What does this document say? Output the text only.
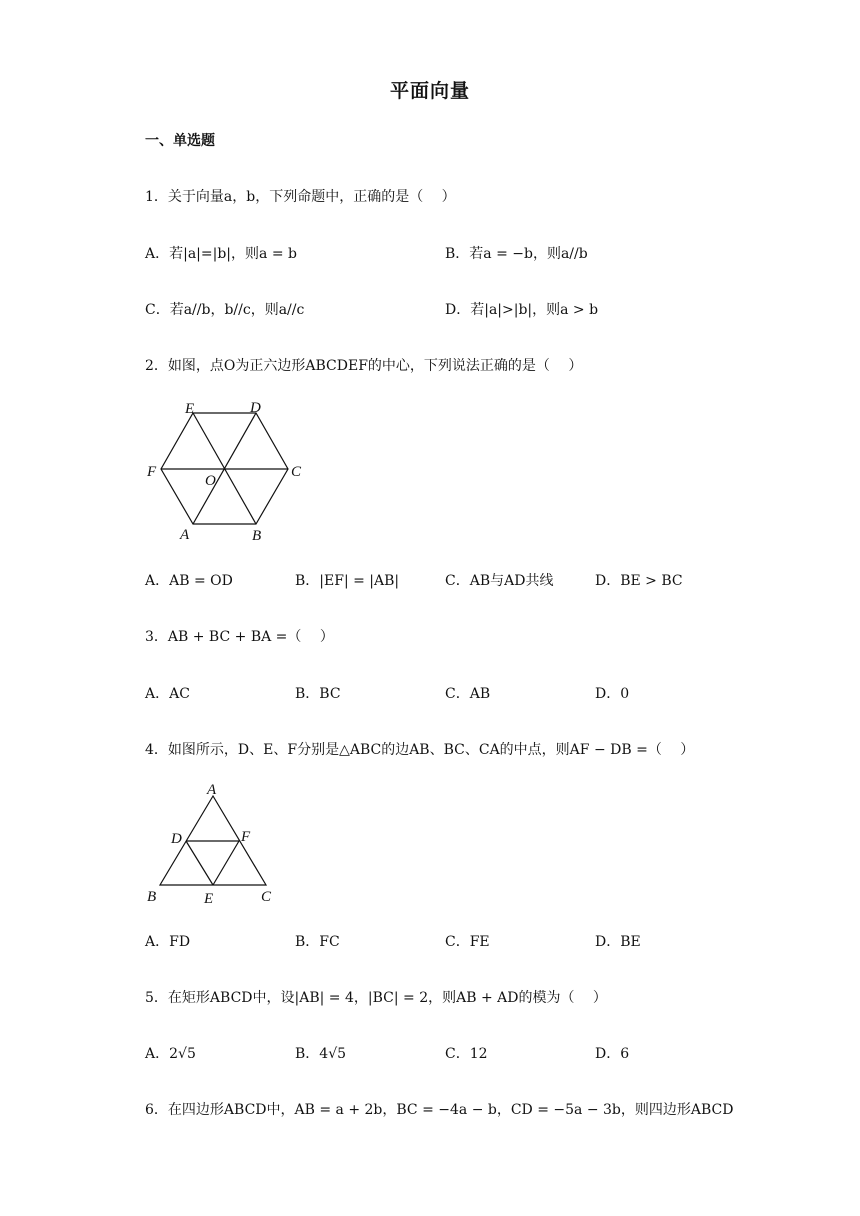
平面向量
一、单选题
1．关于向量a，b，下列命题中，正确的是（　 ）
A．若|a|=|b|，则a = b	B．若a = −b，则a//b
C．若a//b，b//c，则a//c	D．若|a|>|b|，则a > b
2．如图，点O为正六边形ABCDEF的中心，下列说法正确的是（　 ）
E	D
F
O
C
A	B
A．AB = OD	B．|EF| = |AB|	C．AB与AD共线	D．BE > BC
3．AB + BC + BA =（　 ）
A．AC	B．BC	C．AB	D．0
4．如图所示，D、E、F分别是△ABC的边AB、BC、CA的中点，则AF − DB =（　 ）
A
D	F
B	E	C
A．FD	B．FC	C．FE	D．BE
5．在矩形ABCD中，设|AB| = 4，|BC| = 2，则AB + AD的模为（　 ）
A．2√5	B．4√5	C．12	D．6
6．在四边形ABCD中，AB = a + 2b，BC = −4a − b，CD = −5a − 3b，则四边形ABCD
